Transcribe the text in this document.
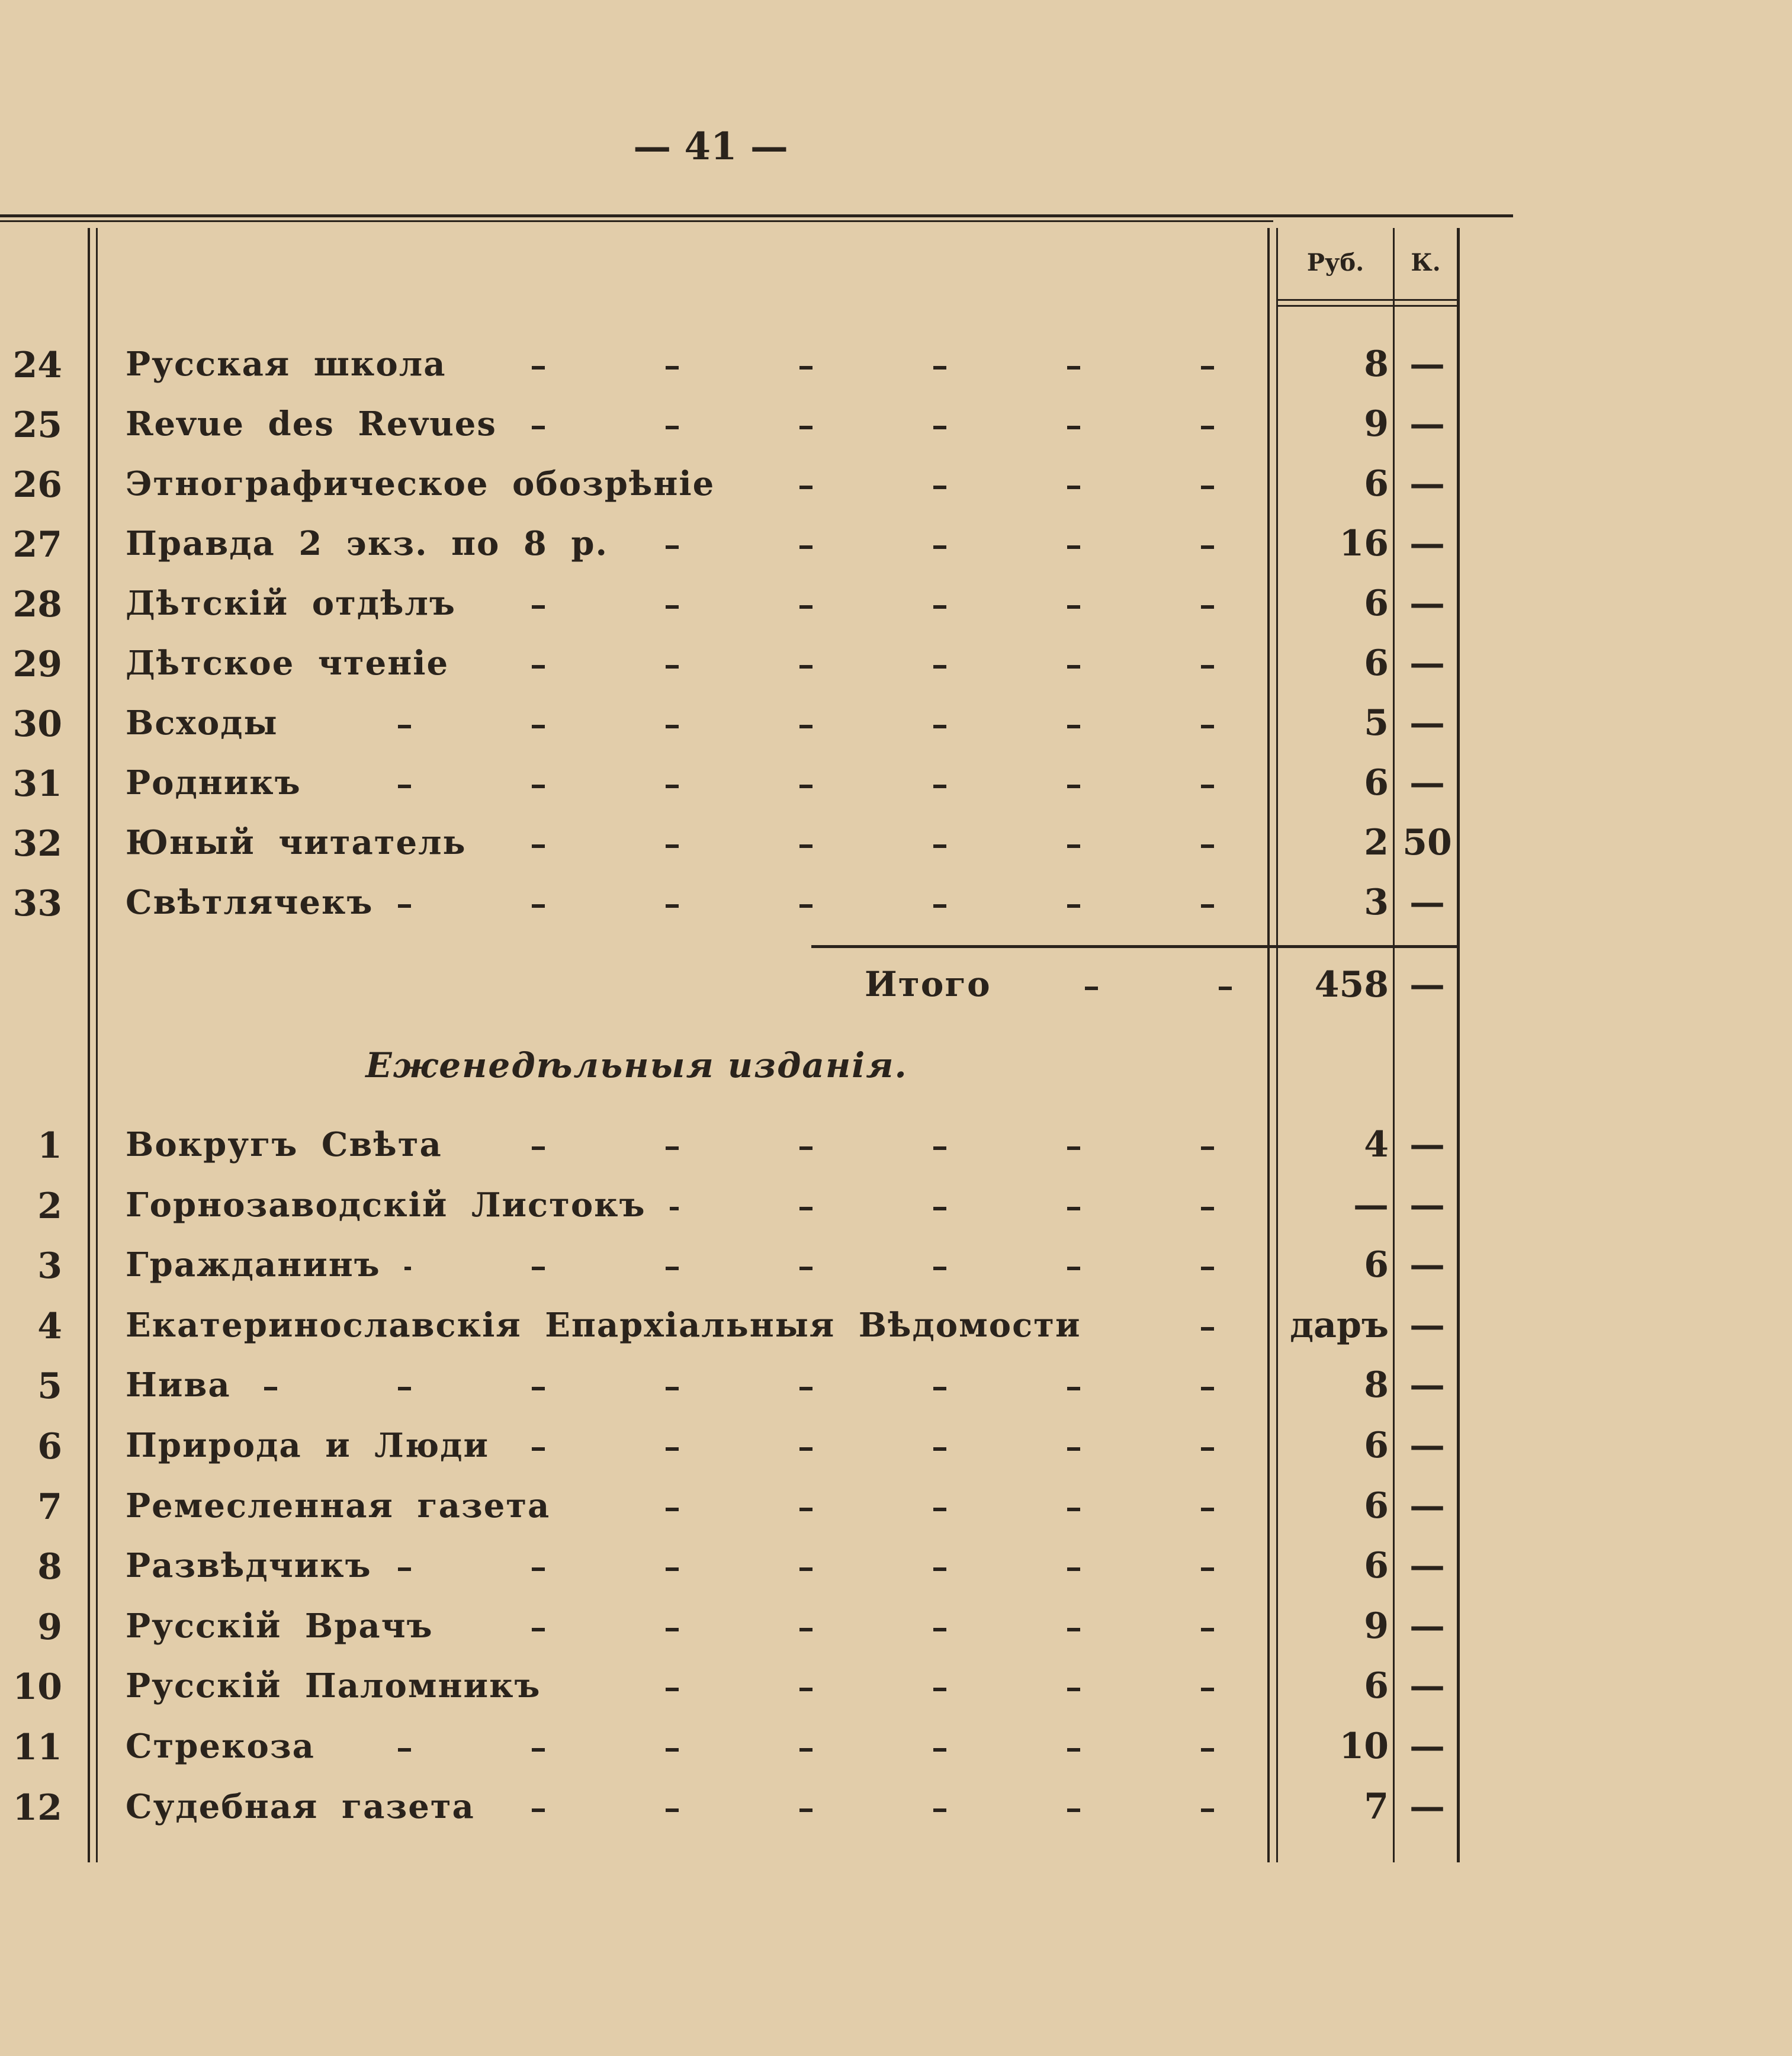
— 41 —
Руб.	К.
24 Русская школа	8 —
25 Revue des Revues	9 —
26 Этнографическое обозрѣніе	6 —
27 Правда 2 экз. по 8 р.	16 —
28 Дѣтскій отдѣлъ	6 —
29 Дѣтское чтеніе	6 —
30 Всходы	5 —
31 Родникъ	6 —
32 Юный читатель	2 50
33 Свѣтлячекъ	3 —
Итого	458 —
Еженедѣльныя изданія.
1 Вокругъ Свѣта	4 —
2 Горнозаводскій Листокъ	— —
3 Гражданинъ	6 —
4 Екатеринославскія Епархіальныя Вѣдомости	даръ —
5 Нива	8 —
6 Природа и Люди	6 —
7 Ремесленная газета	6 —
8 Развѣдчикъ	6 —
9 Русскій Врачъ	9 —
10 Русскій Паломникъ	6 —
11 Стрекоза	10 —
12 Судебная газета	7 —
